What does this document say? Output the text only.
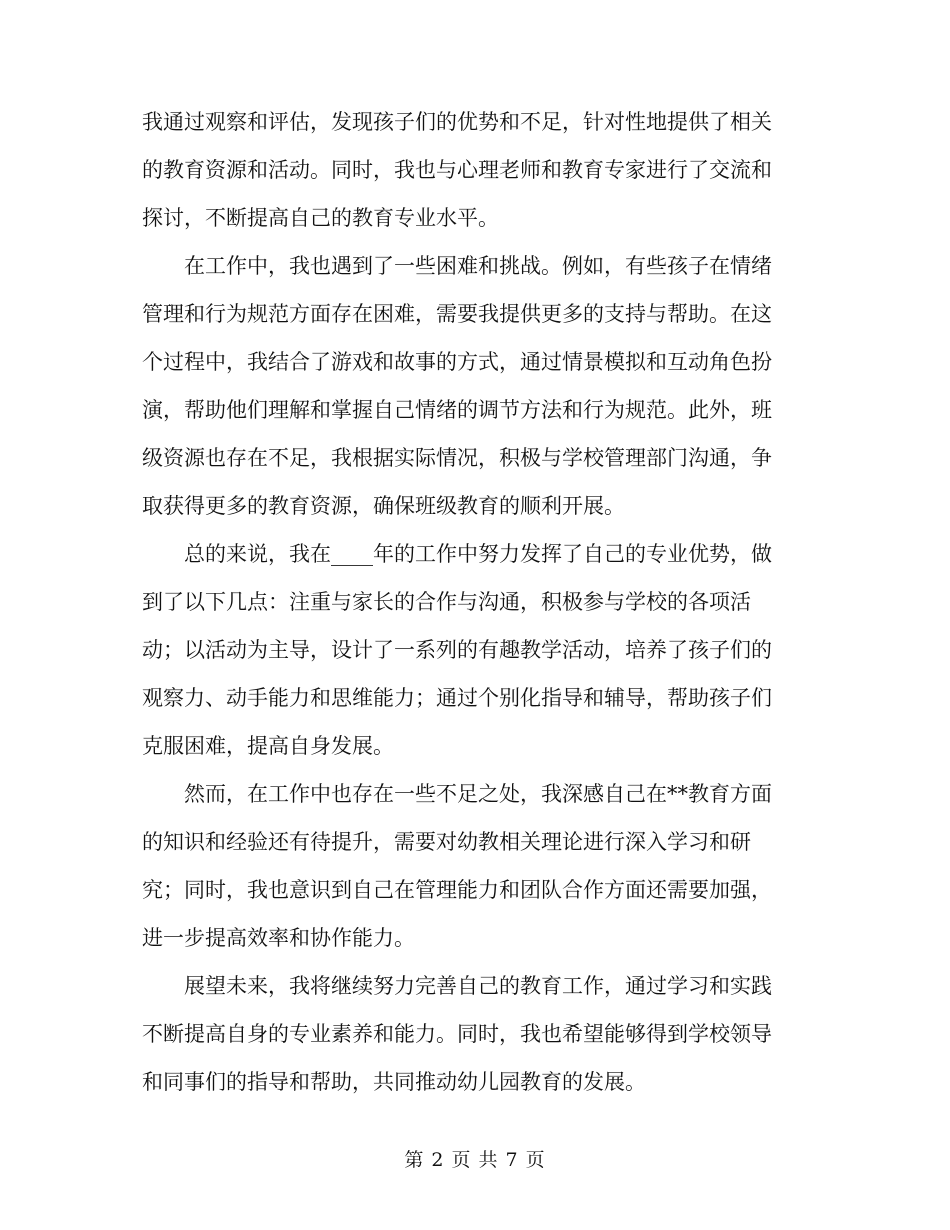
我通过观察和评估，发现孩子们的优势和不足，针对性地提供了相关
的教育资源和活动。同时，我也与心理老师和教育专家进行了交流和
探讨，不断提高自己的教育专业水平。
　　在工作中，我也遇到了一些困难和挑战。例如，有些孩子在情绪
管理和行为规范方面存在困难，需要我提供更多的支持与帮助。在这
个过程中，我结合了游戏和故事的方式，通过情景模拟和互动角色扮
演，帮助他们理解和掌握自己情绪的调节方法和行为规范。此外，班
级资源也存在不足，我根据实际情况，积极与学校管理部门沟通，争
取获得更多的教育资源，确保班级教育的顺利开展。
　　总的来说，我在____年的工作中努力发挥了自己的专业优势，做
到了以下几点：注重与家长的合作与沟通，积极参与学校的各项活
动；以活动为主导，设计了一系列的有趣教学活动，培养了孩子们的
观察力、动手能力和思维能力；通过个别化指导和辅导，帮助孩子们
克服困难，提高自身发展。
　　然而，在工作中也存在一些不足之处，我深感自己在**教育方面
的知识和经验还有待提升，需要对幼教相关理论进行深入学习和研
究；同时，我也意识到自己在管理能力和团队合作方面还需要加强，
进一步提高效率和协作能力。
　　展望未来，我将继续努力完善自己的教育工作，通过学习和实践
不断提高自身的专业素养和能力。同时，我也希望能够得到学校领导
和同事们的指导和帮助，共同推动幼儿园教育的发展。
第 2 页 共 7 页
